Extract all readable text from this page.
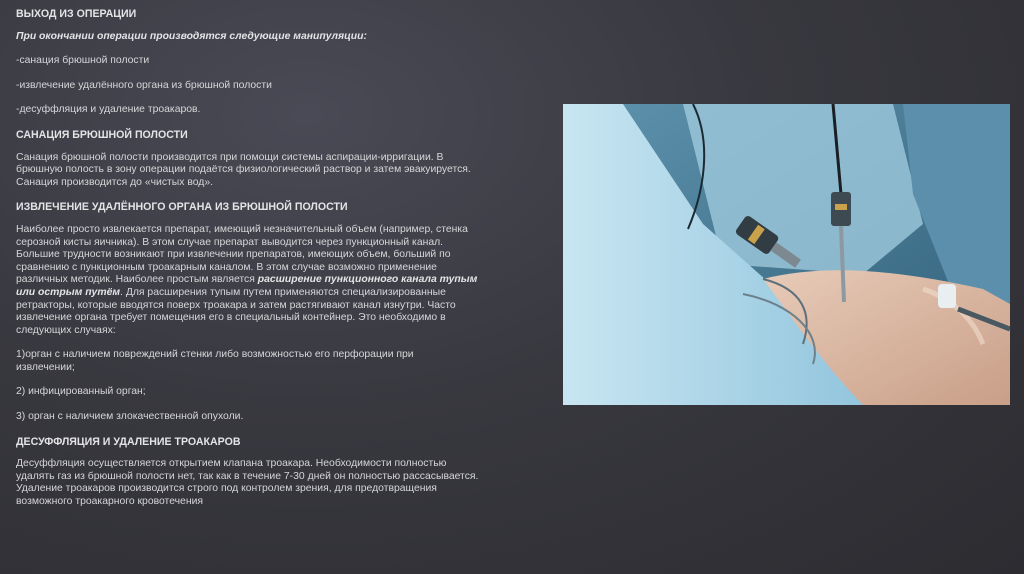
ВЫХОД ИЗ ОПЕРАЦИИ

При окончании операции производятся следующие манипуляции:

-санация брюшной полости

-извлечение удалённого органа из брюшной полости

-десуффляция и удаление троакаров.

САНАЦИЯ БРЮШНОЙ ПОЛОСТИ

Санация брюшной полости производится при помощи системы аспирации-ирригации. В

брюшную полость в зону операции подаётся физиологический раствор и затем эвакуируется.

Санация производится до «чистых вод».

ИЗВЛЕЧЕНИЕ УДАЛЁННОГО ОРГАНА ИЗ БРЮШНОЙ ПОЛОСТИ

Наиболее просто извлекается препарат, имеющий незначительный объем (например, стенка

серозной кисты яичника). В этом случае препарат выводится через пункционный канал.

Большие трудности возникают при извлечении препаратов, имеющих объем, больший по

сравнению с пункционным троакарным каналом. В этом случае возможно применение

различных методик. Наиболее простым является расширение пункционного канала тупым

или острым путём. Для расширения тупым путем применяются специализированные

ретракторы, которые вводятся поверх троакара и затем растягивают канал изнутри. Часто

извлечение органа требует помещения его в специальный контейнер. Это необходимо в

следующих случаях:

1)орган с наличием повреждений стенки либо возможностью его перфорации при

извлечении;

2) инфицированный орган;

3) орган с наличием злокачественной опухоли.

ДЕСУФФЛЯЦИЯ И УДАЛЕНИЕ ТРОАКАРОВ

Десуффляция осуществляется открытием клапана троакара. Необходимости полностью

удалять газ из брюшной полости нет, так как в течение 7-30 дней он полностью рассасывается.

Удаление троакаров производится строго под контролем зрения, для предотвращения

возможного троакарного кровотечения
